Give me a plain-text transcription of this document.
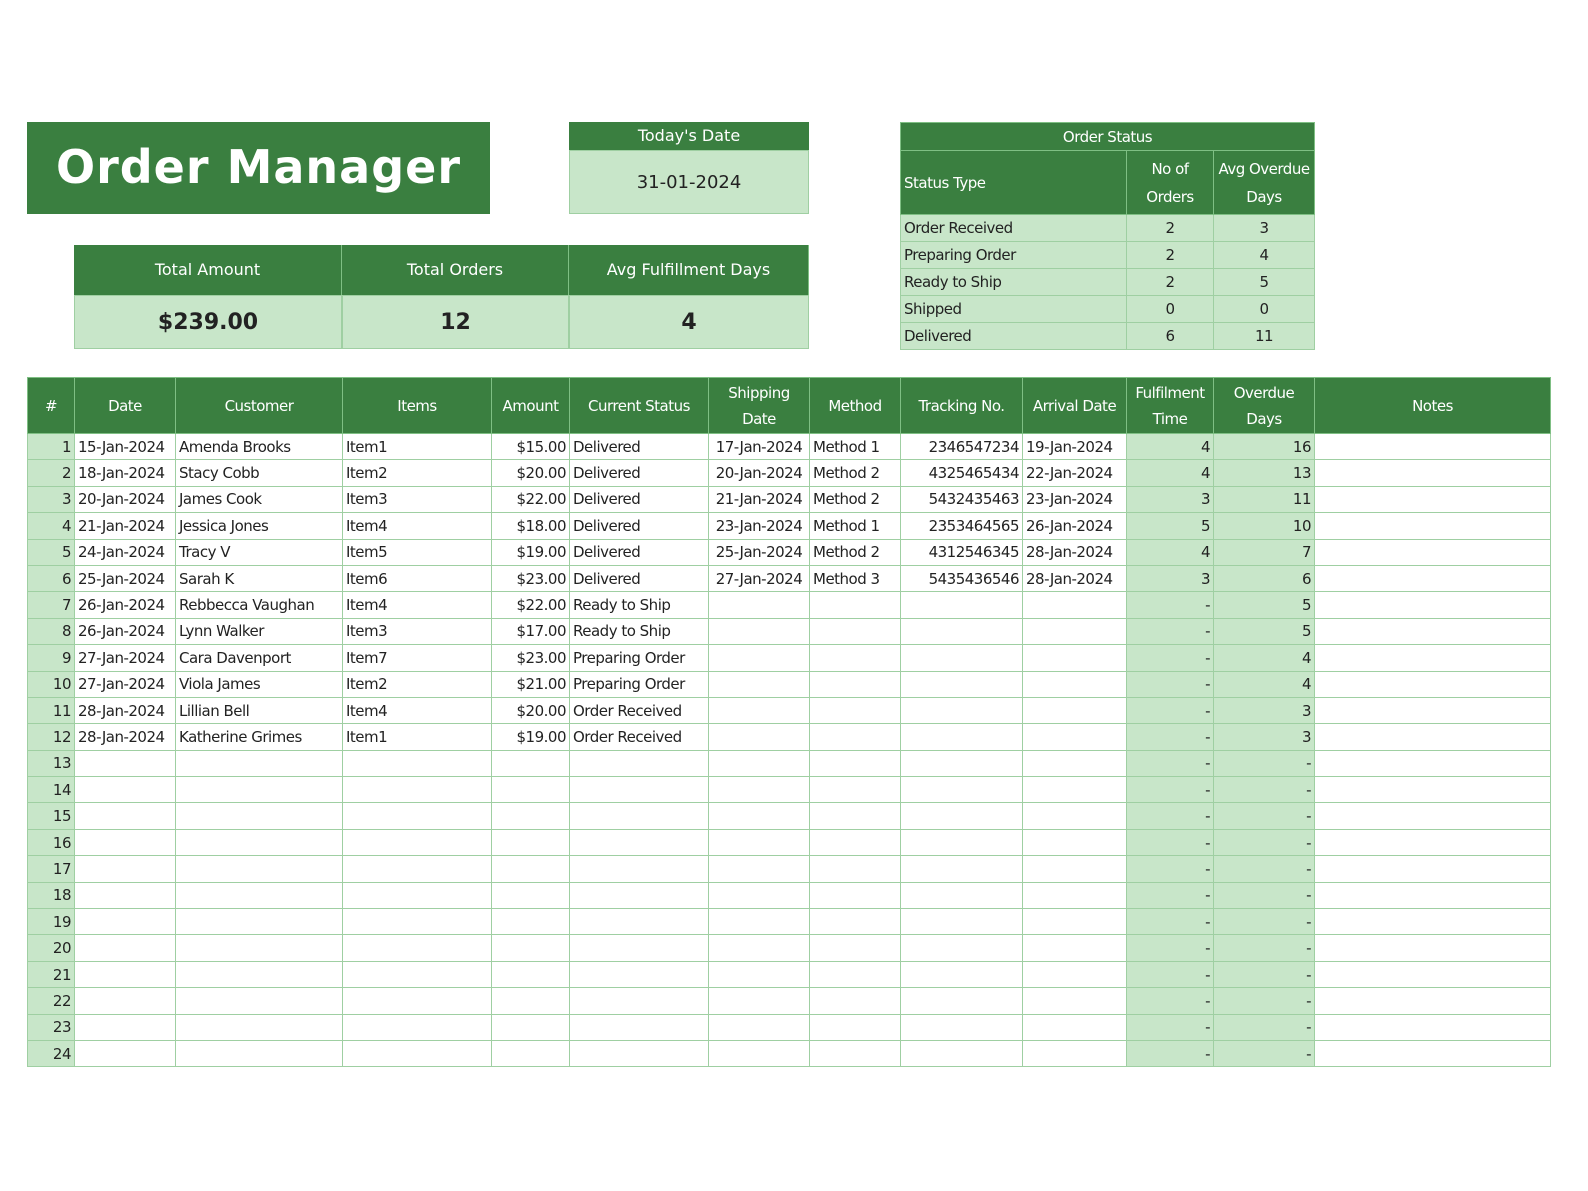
Order Manager
Today's Date
31-01-2024
Total Amount
$239.00
Total Orders
12
Avg Fulfillment Days
4
Order Status		
Status Type	No of Orders	Avg Overdue Days
Order Received	2	3
Preparing Order	2	4
Ready to Ship	2	5
Shipped	0	0
Delivered	6	11
#	Date	Customer	Items	Amount	Current Status	Shipping Date	Method	Tracking No.	Arrival Date	Fulfilment Time	Overdue Days	Notes
1	15-Jan-2024	Amenda Brooks	Item1	$15.00	Delivered	17-Jan-2024	Method 1	2346547234	19-Jan-2024	4	16	
2	18-Jan-2024	Stacy Cobb	Item2	$20.00	Delivered	20-Jan-2024	Method 2	4325465434	22-Jan-2024	4	13	
3	20-Jan-2024	James Cook	Item3	$22.00	Delivered	21-Jan-2024	Method 2	5432435463	23-Jan-2024	3	11	
4	21-Jan-2024	Jessica Jones	Item4	$18.00	Delivered	23-Jan-2024	Method 1	2353464565	26-Jan-2024	5	10	
5	24-Jan-2024	Tracy V	Item5	$19.00	Delivered	25-Jan-2024	Method 2	4312546345	28-Jan-2024	4	7	
6	25-Jan-2024	Sarah K	Item6	$23.00	Delivered	27-Jan-2024	Method 3	5435436546	28-Jan-2024	3	6	
7	26-Jan-2024	Rebbecca Vaughan	Item4	$22.00	Ready to Ship					-	5	
8	26-Jan-2024	Lynn Walker	Item3	$17.00	Ready to Ship					-	5	
9	27-Jan-2024	Cara Davenport	Item7	$23.00	Preparing Order					-	4	
10	27-Jan-2024	Viola James	Item2	$21.00	Preparing Order					-	4	
11	28-Jan-2024	Lillian Bell	Item4	$20.00	Order Received					-	3	
12	28-Jan-2024	Katherine Grimes	Item1	$19.00	Order Received					-	3	
13										-	-	
14										-	-	
15										-	-	
16										-	-	
17										-	-	
18										-	-	
19										-	-	
20										-	-	
21										-	-	
22										-	-	
23										-	-	
24										-	-	
